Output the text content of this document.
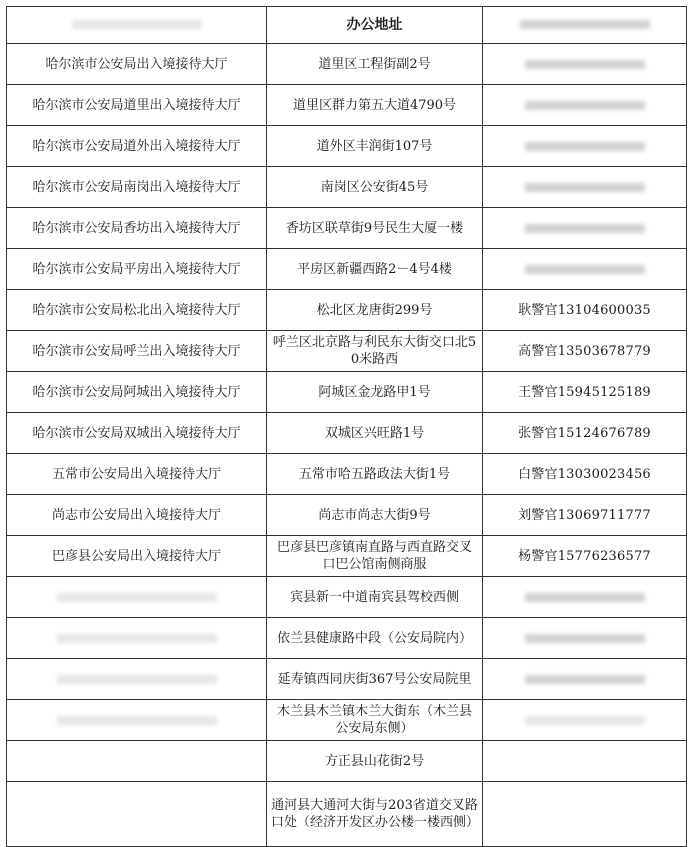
	办公地址	
哈尔滨市公安局出入境接待大厅	道里区工程街副2号	
哈尔滨市公安局道里出入境接待大厅	道里区群力第五大道4790号	
哈尔滨市公安局道外出入境接待大厅	道外区丰润街107号	
哈尔滨市公安局南岗出入境接待大厅	南岗区公安街45号	
哈尔滨市公安局香坊出入境接待大厅	香坊区联草街9号民生大厦一楼	
哈尔滨市公安局平房出入境接待大厅	平房区新疆西路2－4号4楼	
哈尔滨市公安局松北出入境接待大厅	松北区龙唐街299号	耿警官13104600035
哈尔滨市公安局呼兰出入境接待大厅	呼兰区北京路与利民东大街交口北50米路西	高警官13503678779
哈尔滨市公安局阿城出入境接待大厅	阿城区金龙路甲1号	王警官15945125189
哈尔滨市公安局双城出入境接待大厅	双城区兴旺路1号	张警官15124676789
五常市公安局出入境接待大厅	五常市哈五路政法大街1号	白警官13030023456
尚志市公安局出入境接待大厅	尚志市尚志大街9号	刘警官13069711777
巴彦县公安局出入境接待大厅	巴彦县巴彦镇南直路与西直路交叉口巴公馆南侧商服	杨警官15776236577
	宾县新一中道南宾县驾校西侧	
	依兰县健康路中段（公安局院内）	
	延寿镇西同庆街367号公安局院里	
	木兰县木兰镇木兰大街东（木兰县公安局东侧）	
	方正县山花街2号	
	通河县大通河大街与203省道交叉路口处（经济开发区办公楼一楼西侧）	
